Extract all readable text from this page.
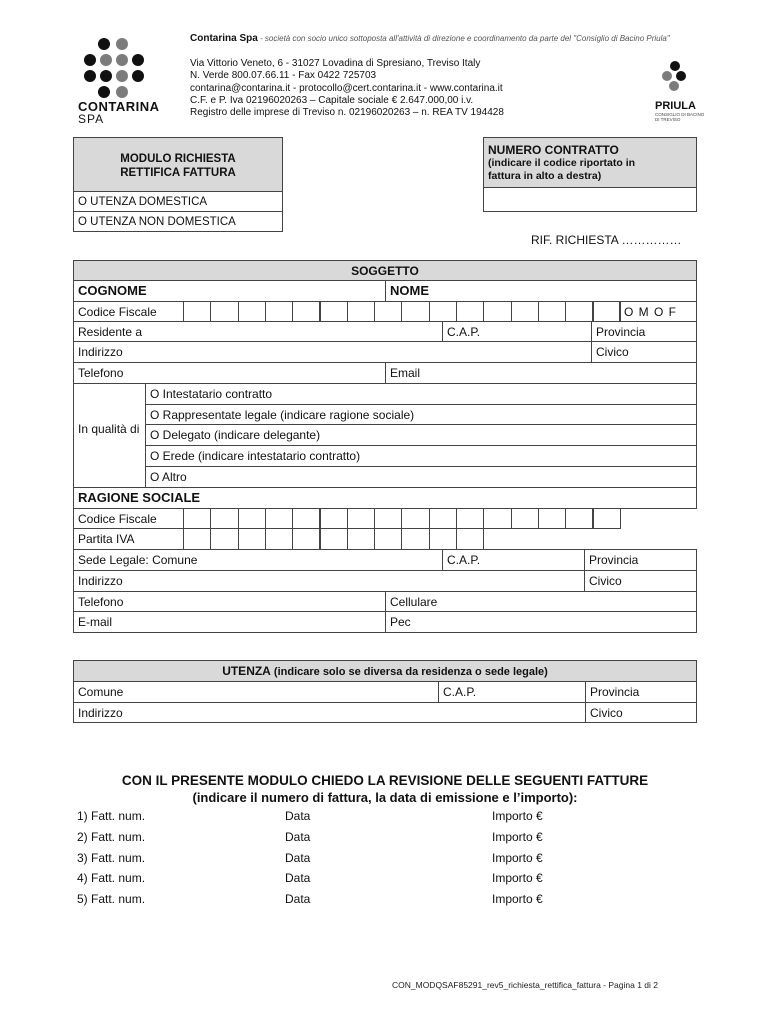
CONTARINA
SPA
Contarina Spa - società con socio unico sottoposta all'attività di direzione e coordinamento da parte del "Consiglio di Bacino Priula"
Via Vittorio Veneto, 6 - 31027 Lovadina di Spresiano, Treviso Italy
N. Verde 800.07.66.11 - Fax 0422 725703
contarina@contarina.it - protocollo@cert.contarina.it - www.contarina.it
C.F. e P. Iva 02196020263 – Capitale sociale € 2.647.000,00 i.v.
Registro delle imprese di Treviso n. 02196020263 – n. REA TV 194428
PRIULA
CONSIGLIO DI BACINO
DI TREVISO
MODULO RICHIESTA
RETTIFICA FATTURA
O UTENZA DOMESTICA
O UTENZA NON DOMESTICA
NUMERO CONTRATTO
(indicare il codice riportato in
fattura in alto a destra)
RIF. RICHIESTA ……………
SOGGETTO
COGNOME	NOME
Codice Fiscale	O M O F
Residente a	C.A.P.	Provincia
Indirizzo	Civico
Telefono	Email
In qualità di
O Intestatario contratto
O Rappresentate legale (indicare ragione sociale)
O Delegato (indicare delegante)
O Erede (indicare intestatario contratto)
O Altro
RAGIONE SOCIALE
Codice Fiscale
Partita IVA
Sede Legale: Comune	C.A.P.	Provincia
Indirizzo	Civico
Telefono	Cellulare
E-mail	Pec
UTENZA (indicare solo se diversa da residenza o sede legale)
Comune	C.A.P.	Provincia
Indirizzo	Civico
CON IL PRESENTE MODULO CHIEDO LA REVISIONE DELLE SEGUENTI FATTURE
(indicare il numero di fattura, la data di emissione e l’importo):
1) Fatt. num.	Data	Importo €
2) Fatt. num.	Data	Importo €
3) Fatt. num.	Data	Importo €
4) Fatt. num.	Data	Importo €
5) Fatt. num.	Data	Importo €
CON_MODQSAF85291_rev5_richiesta_rettifica_fattura - Pagina 1 di 2
